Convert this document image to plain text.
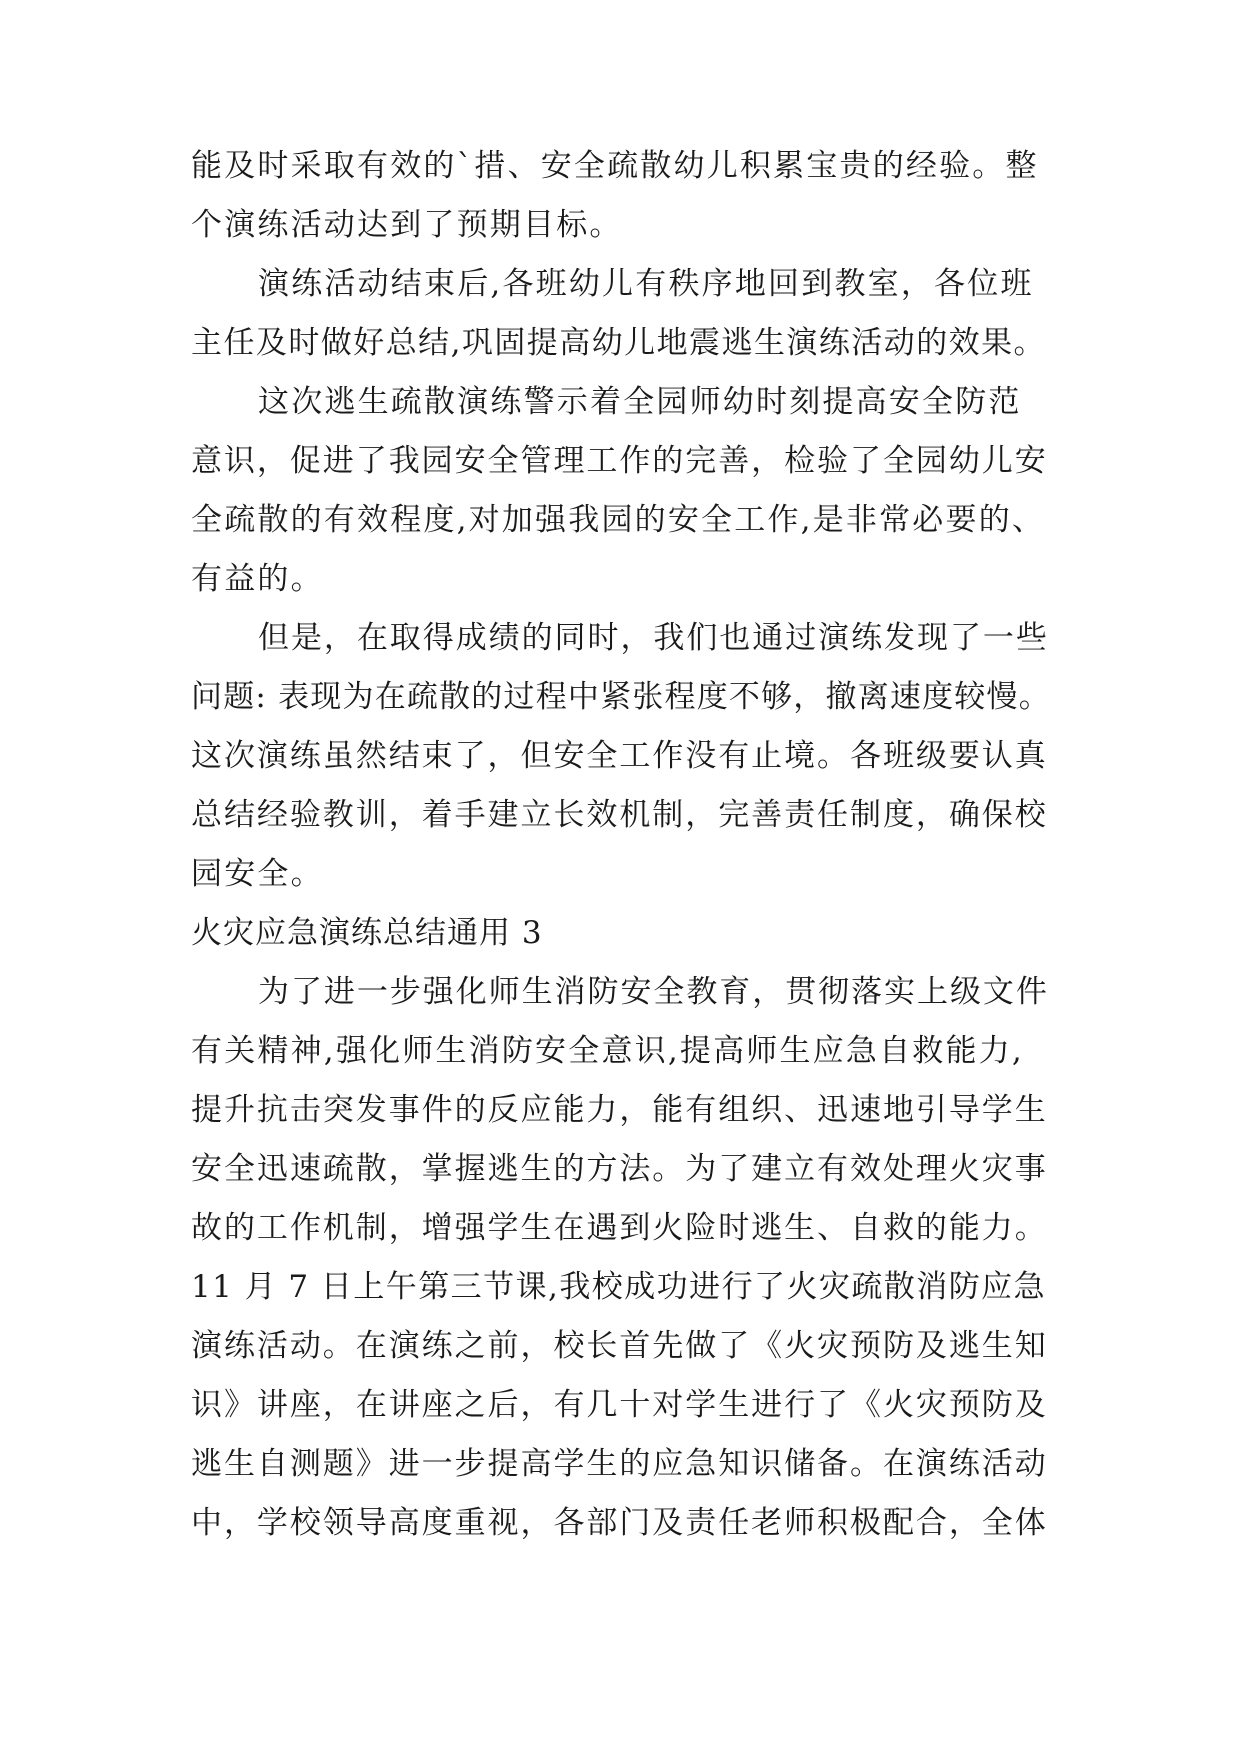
能及时采取有效的`措、安全疏散幼儿积累宝贵的经验。整
个演练活动达到了预期目标。
演练活动结束后,各班幼儿有秩序地回到教室，各位班
主任及时做好总结,巩固提高幼儿地震逃生演练活动的效果。
这次逃生疏散演练警示着全园师幼时刻提高安全防范
意识，促进了我园安全管理工作的完善，检验了全园幼儿安
全疏散的有效程度,对加强我园的安全工作,是非常必要的、
有益的。
但是，在取得成绩的同时，我们也通过演练发现了一些
问题: 表现为在疏散的过程中紧张程度不够，撤离速度较慢。
这次演练虽然结束了，但安全工作没有止境。各班级要认真
总结经验教训，着手建立长效机制，完善责任制度，确保校
园安全。
火灾应急演练总结通用 3
为了进一步强化师生消防安全教育，贯彻落实上级文件
有关精神,强化师生消防安全意识,提高师生应急自救能力,
提升抗击突发事件的反应能力，能有组织、迅速地引导学生
安全迅速疏散，掌握逃生的方法。为了建立有效处理火灾事
故的工作机制，增强学生在遇到火险时逃生、自救的能力。
11 月 7 日上午第三节课,我校成功进行了火灾疏散消防应急
演练活动。在演练之前，校长首先做了《火灾预防及逃生知
识》讲座，在讲座之后，有几十对学生进行了《火灾预防及
逃生自测题》进一步提高学生的应急知识储备。在演练活动
中，学校领导高度重视，各部门及责任老师积极配合，全体
